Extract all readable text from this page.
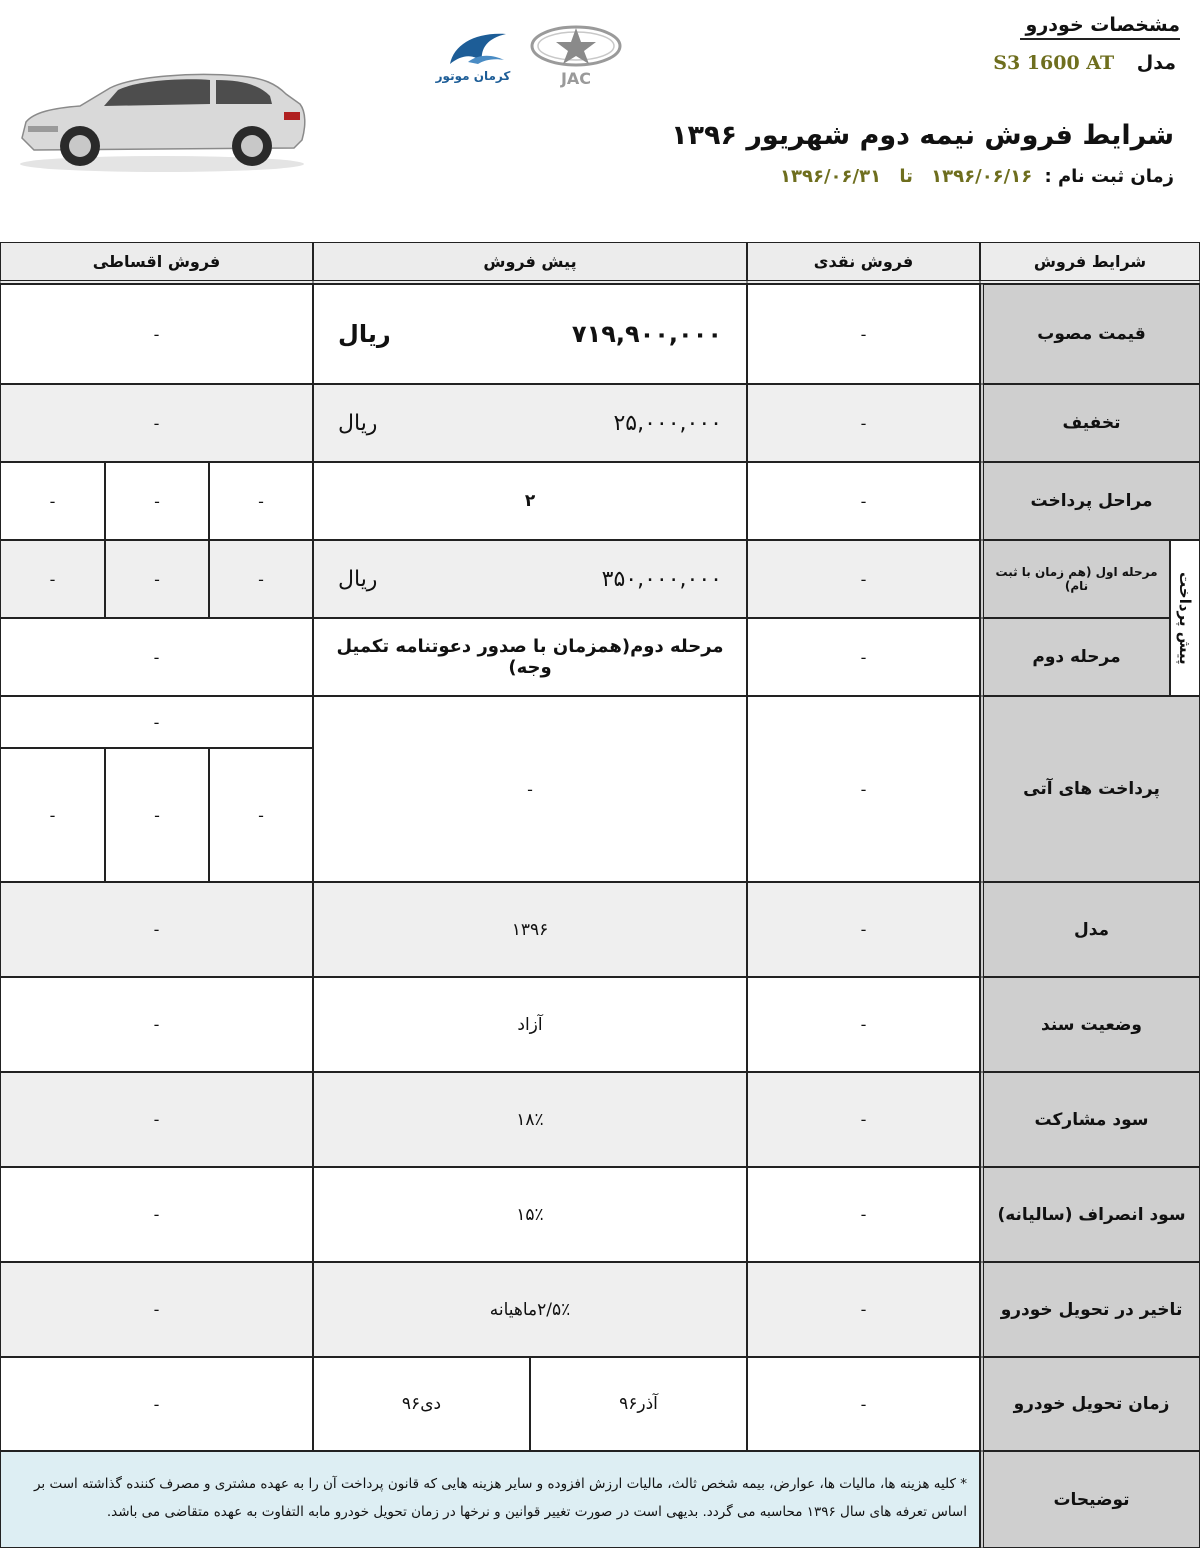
مشخصات خودرو
مدل S3 1600 AT
شرایط فروش نیمه دوم شهریور ۱۳۹۶
زمان ثبت نام : ۱۳۹۶/۰۶/۱۶ تا ۱۳۹۶/۰۶/۳۱
کرمان موتور	JAC
شرایط فروش
فروش نقدی
پیش فروش
فروش اقساطی
قیمت مصوب
-
۷۱۹,۹۰۰,۰۰۰
ریال
-
تخفیف
-
۲۵,۰۰۰,۰۰۰
ریال
-
مراحل پرداخت
-
۲
-
-
-
پیش پرداخت
مرحله اول (هم زمان با ثبت نام)
-
۳۵۰,۰۰۰,۰۰۰
ریال
-
-
-
مرحله دوم
-
مرحله دوم(همزمان با صدور دعوتنامه تکمیل وجه)
-
پرداخت های آتی
-
-
-
-
-
-
مدل
-
۱۳۹۶
-
وضعیت سند
-
آزاد
-
سود مشارکت
-
۱۸٪
-
سود انصراف (سالیانه)
-
۱۵٪
-
تاخیر در تحویل خودرو
-
۲/۵٪ماهیانه
-
زمان تحویل خودرو
-
آذر۹۶
دی۹۶
-
توضیحات
* کلیه هزینه ها، مالیات ها، عوارض، بیمه شخص ثالث، مالیات ارزش افزوده و سایر هزینه هایی که قانون پرداخت آن را به عهده مشتری و مصرف کننده گذاشته است بر اساس تعرفه های سال ۱۳۹۶ محاسبه می گردد. بدیهی است در صورت تغییر قوانین و نرخها در زمان تحویل خودرو مابه التفاوت به عهده متقاضی می باشد.
